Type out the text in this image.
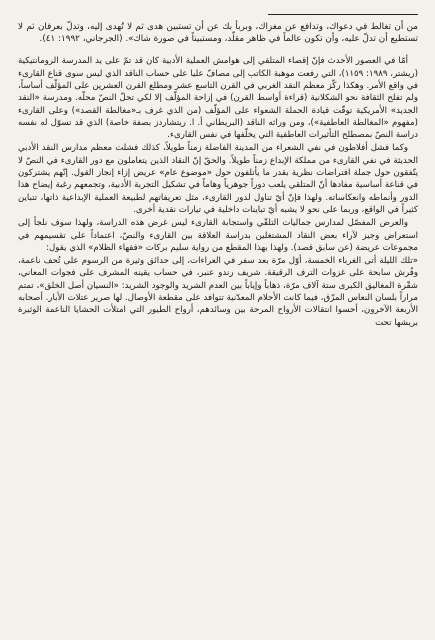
من أن تغالط في دعواك، وتدافع عن مغزاك، وبربأ بك عن أن تستبين هدى ثم لا تُهدى إليه، وتدلّ بعرفان ثم لا تستطيع أن تدلّ عليه، وأن تكون عالماً في ظاهر مقلّد، ومستبيناً في صورة شاك». (الجرجاني، ١٩٩٢: ٤١).

أمّا في العصور الأحدث فإنّ إقصاء المتلقي إلى هوامش العملية الأدبية كان قد تمّ على يد المدرسة الرومانتيكية (ريشتر، ١٩٨٩: ١١٥٩)، التي رفعت موهبة الكاتب إلى مصافّ عليا على حساب الناقد الذي ليس سوى قناع القارىء في واقع الأمر. وهكذا ركّز معظم النقد الغربي في القرن التاسع عشر ومطلع القرن العشرين على المؤلّف أساساً، ولم تفلح الثقافة نحو الشكلانية (قراءة أواسط القرن) في إزاحة المؤلّف إلا لكي تحلّ النصّ محلّه. ومدرسة «النقد الجديد» الأمريكية توقّت قيادة الحملة الشعواء على المؤلّف (من الذي غرف بـ«مغالطة القصد») وعلى القارىء (مفهوم «المغالطة العاطفية»)، ومن وراثه الناقد (البريطاني أ. ا. ريتشاردز بصفة خاصة) الذي قد تسوّل له نفسه دراسة النصّ بمصطلح التأثيرات العاطفية التي يخلّفها في نفس القارىء.

وكما فشل أفلاطون في نفي الشعراء من المدينة الفاضلة زمناً طويلاً، كذلك فشلت معظم مدارس النقد الأدبي الحديثة في نفي القارىء من مملكة الإبداع زمناً طويلاً. والحقّ إنّ النقاد الذين يتعاملون مع دور القارىء في النصّ لا يتّفقون حول جملة افتراضات نظرية بقدر ما يأتلفون حول «موضوع عام» عريض إزاء إنجاز القول. إنّهم يشتركون في قناعة أساسية مفادها أنّ المتلقي يلعب دوراً جوهرياً وهاماً في تشكيل التجربة الأدبية، وتجمعهم رغبة إيضاح هذا الدور وأنماطه وانعكاساته. ولهذا فإنّ أيّ تناول لدور القارىء، مثل تعريفاتهم لطبيعة العملية الإبداعية ذاتها، تتباين كثيراً في الواقع، وربما على نحو لا يشبه أيّ تباينات داخلية في تيارات نقدية أخرى.

والعرض المفصّل لمدارس جماليات التلقّي واستجابة القارىء ليس غرض هذه الدراسة، ولهذا سوف نلجأ إلى استعراض وجيز لآراء بعض النقاد المشتغلين بدراسة العلاقة بين القارىء والنصّ، اعتماداً على تقسيمهم في مجموعات عريضة (عن سابق قصد). ولهذا بهذا المقطع من رواية سليم بركات «فقهاء الظلام» الذي يقول:

«تلك الليلة أتى الغرباء الخمسة، أوّل مرّة بعد سفر في العراءات، إلى حدائق وثيرة من الرسوم على تُحف ناعمة، وفُرش سابحة على غزوات الترف الرقيقة. شريف رندو عنبر، في حساب يقينه المشرف على فجوات المعاني، شقّرة المغاليق الكبرى ستة آلاف مرّة، ذهاباً وإياباً بين العدم الشريد والوجود الشريد: «النسيان أصل الخلق»، تمتم مراراً بلسان النعاس المزّق، فيما كانت الأحلام المعدّنية تتوافد على مقطعة الأوصال. لها صرير عتلات الأبار. أصحابه الأربعة الآخرون، أحسوا انتقالات الأرواح المرحة بين وسائدهم، أرواح الطيور التي امتلأت الحشايا الناعمة الوثيرة بريشها تحت
